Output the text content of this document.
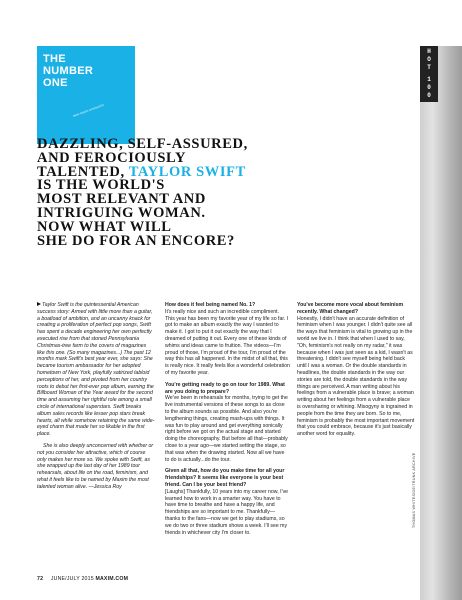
H
O
T
1
0
0
THE
NUMBER
ONE
www.maxim.com/hot100
DAZZLING, SELF-ASSURED,
AND FEROCIOUSLY
TALENTED, TAYLOR SWIFT
IS THE WORLD'S
MOST RELEVANT AND
INTRIGUING WOMAN.
NOW WHAT WILL
SHE DO FOR AN ENCORE?

Taylor Swift is the quintessential American success story: Armed with little more than a guitar, a boatload of ambition, and an uncanny knack for creating a proliferation of perfect pop songs, Swift has spent a decade engineering her own perfectly executed rise from that stoned Pennsylvania Christmas-tree farm to the covers of magazines like this one. (So many magazines...) The past 12 months mark Swift's best year ever, she says: She became tourism ambassador for her adopted hometown of New York, playfully satirized tabloid perceptions of her, and pivoted from her country roots to debut her first-ever pop album, earning the Billboard Woman of the Year award for the second time and assuming her rightful role among a small circle of international superstars. Swift breaks album sales records like lesser pop stars break hearts, all while somehow retaining the same wide-eyed charm that made her so likable in the first place.

She is also deeply unconcerned with whether or not you consider her attractive, which of course only makes her more so. We spoke with Swift, as she wrapped up the last day of her 1989 tour rehearsals, about life on the road, feminism, and what it feels like to be named by Maxim the most talented woman alive. —Jessica Roy

How does it feel being named No. 1?

It's really nice and such an incredible compliment. This year has been my favorite year of my life so far. I got to make an album exactly the way I wanted to make it. I got to put it out exactly the way that I dreamed of putting it out. Every one of these kinds of whims and ideas came to fruition. The videos—I'm proud of those, I'm proud of the tour, I'm proud of the way this has all happened. In the midst of all that, this is really nice. It really feels like a wonderful celebration of my favorite year.

You're getting ready to go on tour for 1989. What are you doing to prepare?

We've been in rehearsals for months, trying to get the live instrumental versions of these songs to as close to the album sounds as possible. And also you're lengthening things, creating mash-ups with things. It was fun to play around and get everything sonically right before we got on the actual stage and started doing the choreography. But before all that—probably close to a year ago—we started setting the stage, so that was when the drawing started. Now all we have to do is actually...do the tour.

Given all that, how do you make time for all your friendships? It seems like everyone is your best friend. Can I be your best friend?

[Laughs] Thankfully, 10 years into my career now, I've learned how to work in a smarter way. You have to have time to breathe and have a happy life, and friendships are so important to me. Thankfully—thanks to the fans—now we get to play stadiums, so we do two or three stadium shows a week. I'll see my friends in whichever city I'm closer to.

You've become more vocal about feminism recently. What changed?

Honestly, I didn't have an accurate definition of feminism when I was younger. I didn't quite see all the ways that feminism is vital to growing up in the world we live in. I think that when I used to say, "Oh, feminism's not really on my radar," it was because when I was just seen as a kid, I wasn't as threatening. I didn't see myself being held back until I was a woman. Or the double standards in headlines, the double standards in the way our stories are told, the double standards in the way things are perceived. A man writing about his feelings from a vulnerable place is brave; a woman writing about her feelings from a vulnerable place is oversharing or whining. Misogyny is ingrained in people from the time they are born. So to me, feminism is probably the most important movement that you could embrace, because it's just basically another word for equality.

THOMAS WHITESIDE/TRUNK ARCHIVE
72 JUNE/JULY 2015 MAXIM.COM
